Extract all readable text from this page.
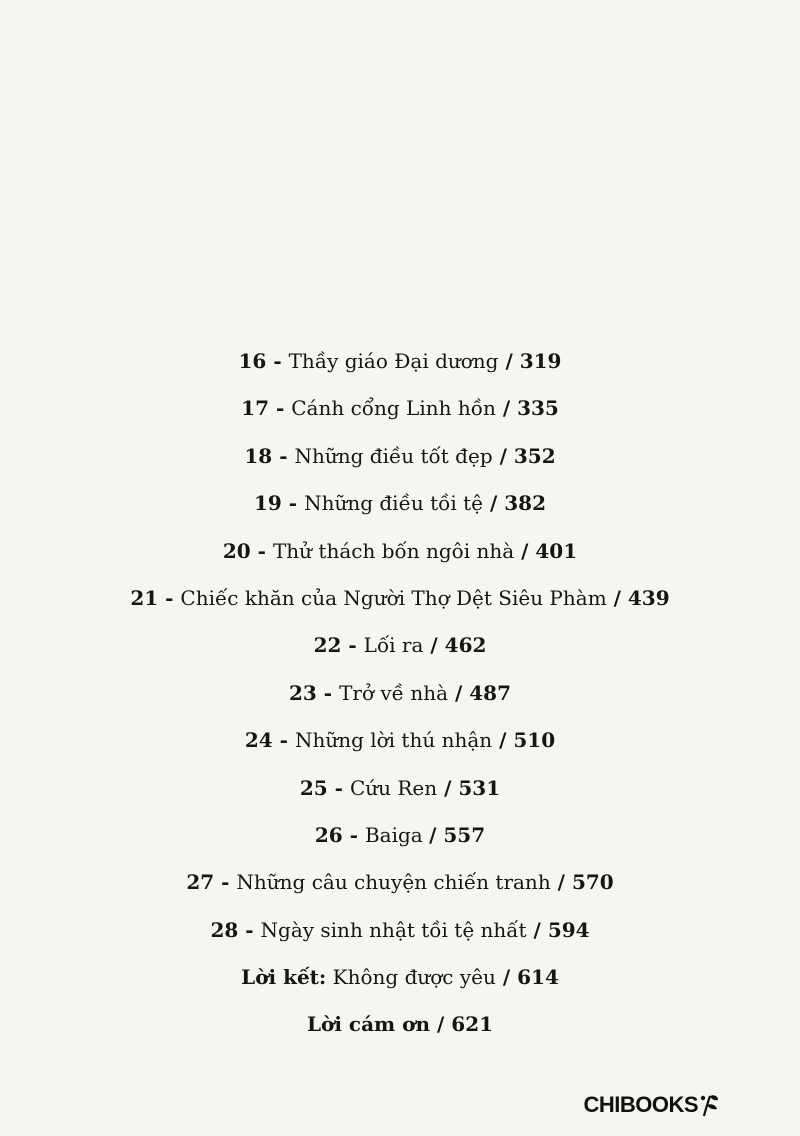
16 - Thầy giáo Đại dương / 319
17 - Cánh cổng Linh hồn / 335
18 - Những điều tốt đẹp / 352
19 - Những điều tồi tệ / 382
20 - Thử thách bốn ngôi nhà / 401
21 - Chiếc khăn của Người Thợ Dệt Siêu Phàm / 439
22 - Lối ra / 462
23 - Trở về nhà / 487
24 - Những lời thú nhận / 510
25 - Cứu Ren / 531
26 - Baiga / 557
27 - Những câu chuyện chiến tranh / 570
28 - Ngày sinh nhật tồi tệ nhất / 594
Lời kết: Không được yêu / 614
Lời cám ơn / 621
CHIBOOKS
